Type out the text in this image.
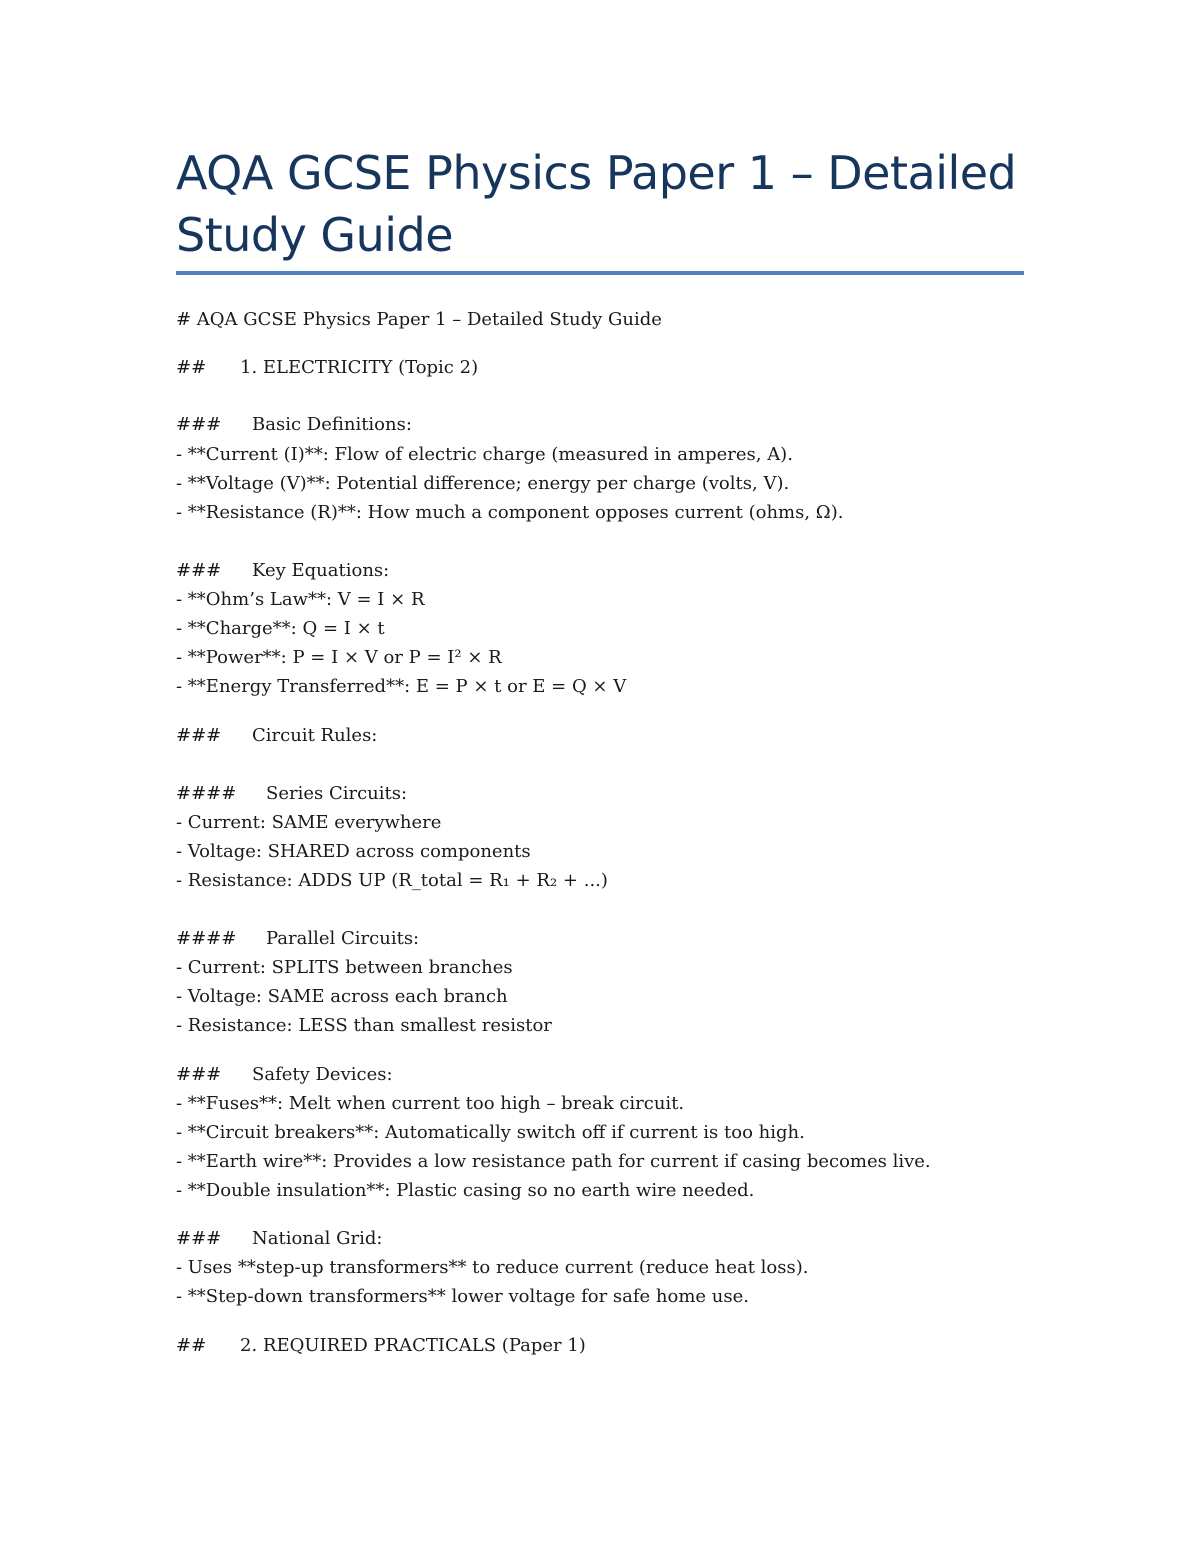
AQA GCSE Physics Paper 1 – Detailed Study Guide
# AQA GCSE Physics Paper 1 – Detailed Study Guide
## 1. ELECTRICITY (Topic 2)
### Basic Definitions:
- **Current (I)**: Flow of electric charge (measured in amperes, A).
- **Voltage (V)**: Potential difference; energy per charge (volts, V).
- **Resistance (R)**: How much a component opposes current (ohms, Ω).
### Key Equations:
- **Ohm’s Law**: V = I × R
- **Charge**: Q = I × t
- **Power**: P = I × V or P = I² × R
- **Energy Transferred**: E = P × t or E = Q × V
### Circuit Rules:
#### Series Circuits:
- Current: SAME everywhere
- Voltage: SHARED across components
- Resistance: ADDS UP (R_total = R₁ + R₂ + ...)
#### Parallel Circuits:
- Current: SPLITS between branches
- Voltage: SAME across each branch
- Resistance: LESS than smallest resistor
### Safety Devices:
- **Fuses**: Melt when current too high – break circuit.
- **Circuit breakers**: Automatically switch off if current is too high.
- **Earth wire**: Provides a low resistance path for current if casing becomes live.
- **Double insulation**: Plastic casing so no earth wire needed.
### National Grid:
- Uses **step-up transformers** to reduce current (reduce heat loss).
- **Step-down transformers** lower voltage for safe home use.
## 2. REQUIRED PRACTICALS (Paper 1)
